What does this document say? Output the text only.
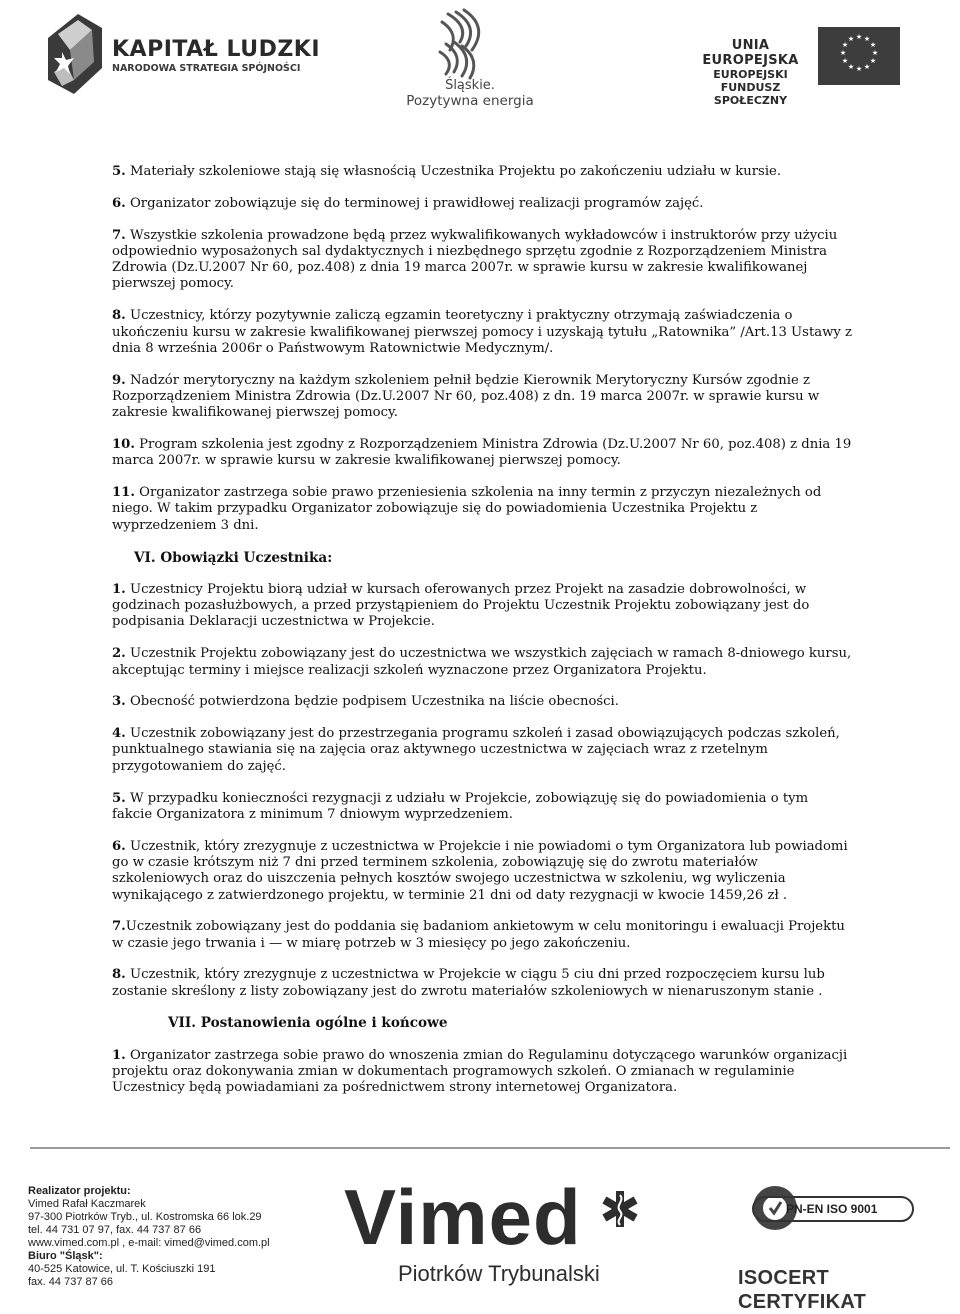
KAPITAŁ LUDZKI
NARODOWA STRATEGIA SPÓJNOŚCI
Śląskie.
Pozytywna energia
UNIA EUROPEJSKA
EUROPEJSKI
FUNDUSZ SPOŁECZNY
★ ★
★
★
★
★
★
★
★
★
★
★
5. Materiały szkoleniowe stają się własnością Uczestnika Projektu po zakończeniu udziału w kursie.
6. Organizator zobowiązuje się do terminowej i prawidłowej realizacji programów zajęć.
7. Wszystkie szkolenia prowadzone będą przez wykwalifikowanych wykładowców i instruktorów przy użyciu odpowiednio wyposażonych sal dydaktycznych i niezbędnego sprzętu zgodnie z Rozporządzeniem Ministra Zdrowia (Dz.U.2007 Nr 60, poz.408) z dnia 19 marca 2007r. w sprawie kursu w zakresie kwalifikowanej pierwszej pomocy.
8. Uczestnicy, którzy pozytywnie zaliczą egzamin teoretyczny i praktyczny otrzymają zaświadczenia o ukończeniu kursu w zakresie kwalifikowanej pierwszej pomocy i uzyskają tytułu „Ratownika” /Art.13 Ustawy z dnia 8 września 2006r o Państwowym Ratownictwie Medycznym/.
9. Nadzór merytoryczny na każdym szkoleniem pełnił będzie Kierownik Merytoryczny Kursów zgodnie z Rozporządzeniem Ministra Zdrowia (Dz.U.2007 Nr 60, poz.408) z dn. 19 marca 2007r. w sprawie kursu w zakresie kwalifikowanej pierwszej pomocy.
10. Program szkolenia jest zgodny z Rozporządzeniem Ministra Zdrowia (Dz.U.2007 Nr 60, poz.408) z dnia 19 marca 2007r. w sprawie kursu w zakresie kwalifikowanej pierwszej pomocy.
11. Organizator zastrzega sobie prawo przeniesienia szkolenia na inny termin z przyczyn niezależnych od niego. W takim przypadku Organizator zobowiązuje się do powiadomienia Uczestnika Projektu z wyprzedzeniem 3 dni.
VI. Obowiązki Uczestnika:
1. Uczestnicy Projektu biorą udział w kursach oferowanych przez Projekt na zasadzie dobrowolności, w godzinach pozasłużbowych, a przed przystąpieniem do Projektu Uczestnik Projektu zobowiązany jest do podpisania Deklaracji uczestnictwa w Projekcie.
2. Uczestnik Projektu zobowiązany jest do uczestnictwa we wszystkich zajęciach w ramach 8-dniowego kursu, akceptując terminy i miejsce realizacji szkoleń wyznaczone przez Organizatora Projektu.
3. Obecność potwierdzona będzie podpisem Uczestnika na liście obecności.
4. Uczestnik zobowiązany jest do przestrzegania programu szkoleń i zasad obowiązujących podczas szkoleń, punktualnego stawiania się na zajęcia oraz aktywnego uczestnictwa w zajęciach wraz z rzetelnym przygotowaniem do zajęć.
5. W przypadku konieczności rezygnacji z udziału w Projekcie, zobowiązuję się do powiadomienia o tym fakcie Organizatora z minimum 7 dniowym wyprzedzeniem.
6. Uczestnik, który zrezygnuje z uczestnictwa w Projekcie i nie powiadomi o tym Organizatora lub powiadomi go w czasie krótszym niż 7 dni przed terminem szkolenia, zobowiązuję się do zwrotu materiałów szkoleniowych oraz do uiszczenia pełnych kosztów swojego uczestnictwa w szkoleniu, wg wyliczenia wynikającego z zatwierdzonego projektu, w terminie 21 dni od daty rezygnacji w kwocie 1459,26 zł .
7.Uczestnik zobowiązany jest do poddania się badaniom ankietowym w celu monitoringu i ewaluacji Projektu w czasie jego trwania i — w miarę potrzeb w 3 miesięcy po jego zakończeniu.
8. Uczestnik, który zrezygnuje z uczestnictwa w Projekcie w ciągu 5 ciu dni przed rozpoczęciem kursu lub zostanie skreślony z listy zobowiązany jest do zwrotu materiałów szkoleniowych w nienaruszonym stanie .
VII. Postanowienia ogólne i końcowe
1. Organizator zastrzega sobie prawo do wnoszenia zmian do Regulaminu dotyczącego warunków organizacji projektu oraz dokonywania zmian w dokumentach programowych szkoleń. O zmianach w regulaminie Uczestnicy będą powiadamiani za pośrednictwem strony internetowej Organizatora.
Realizator projektu:
Vimed Rafał Kaczmarek
97-300 Piotrków Tryb., ul. Kostromska 66 lok.29
tel. 44 731 07 97, fax. 44 737 87 66
www.vimed.com.pl , e-mail: vimed@vimed.com.pl
Biuro "Śląsk":
40-525 Katowice, ul. T. Kościuszki 191
fax. 44 737 87 66
Vimed
Piotrków Trybunalski
PN-EN ISO 9001
ISOCERT CERTYFIKAT
